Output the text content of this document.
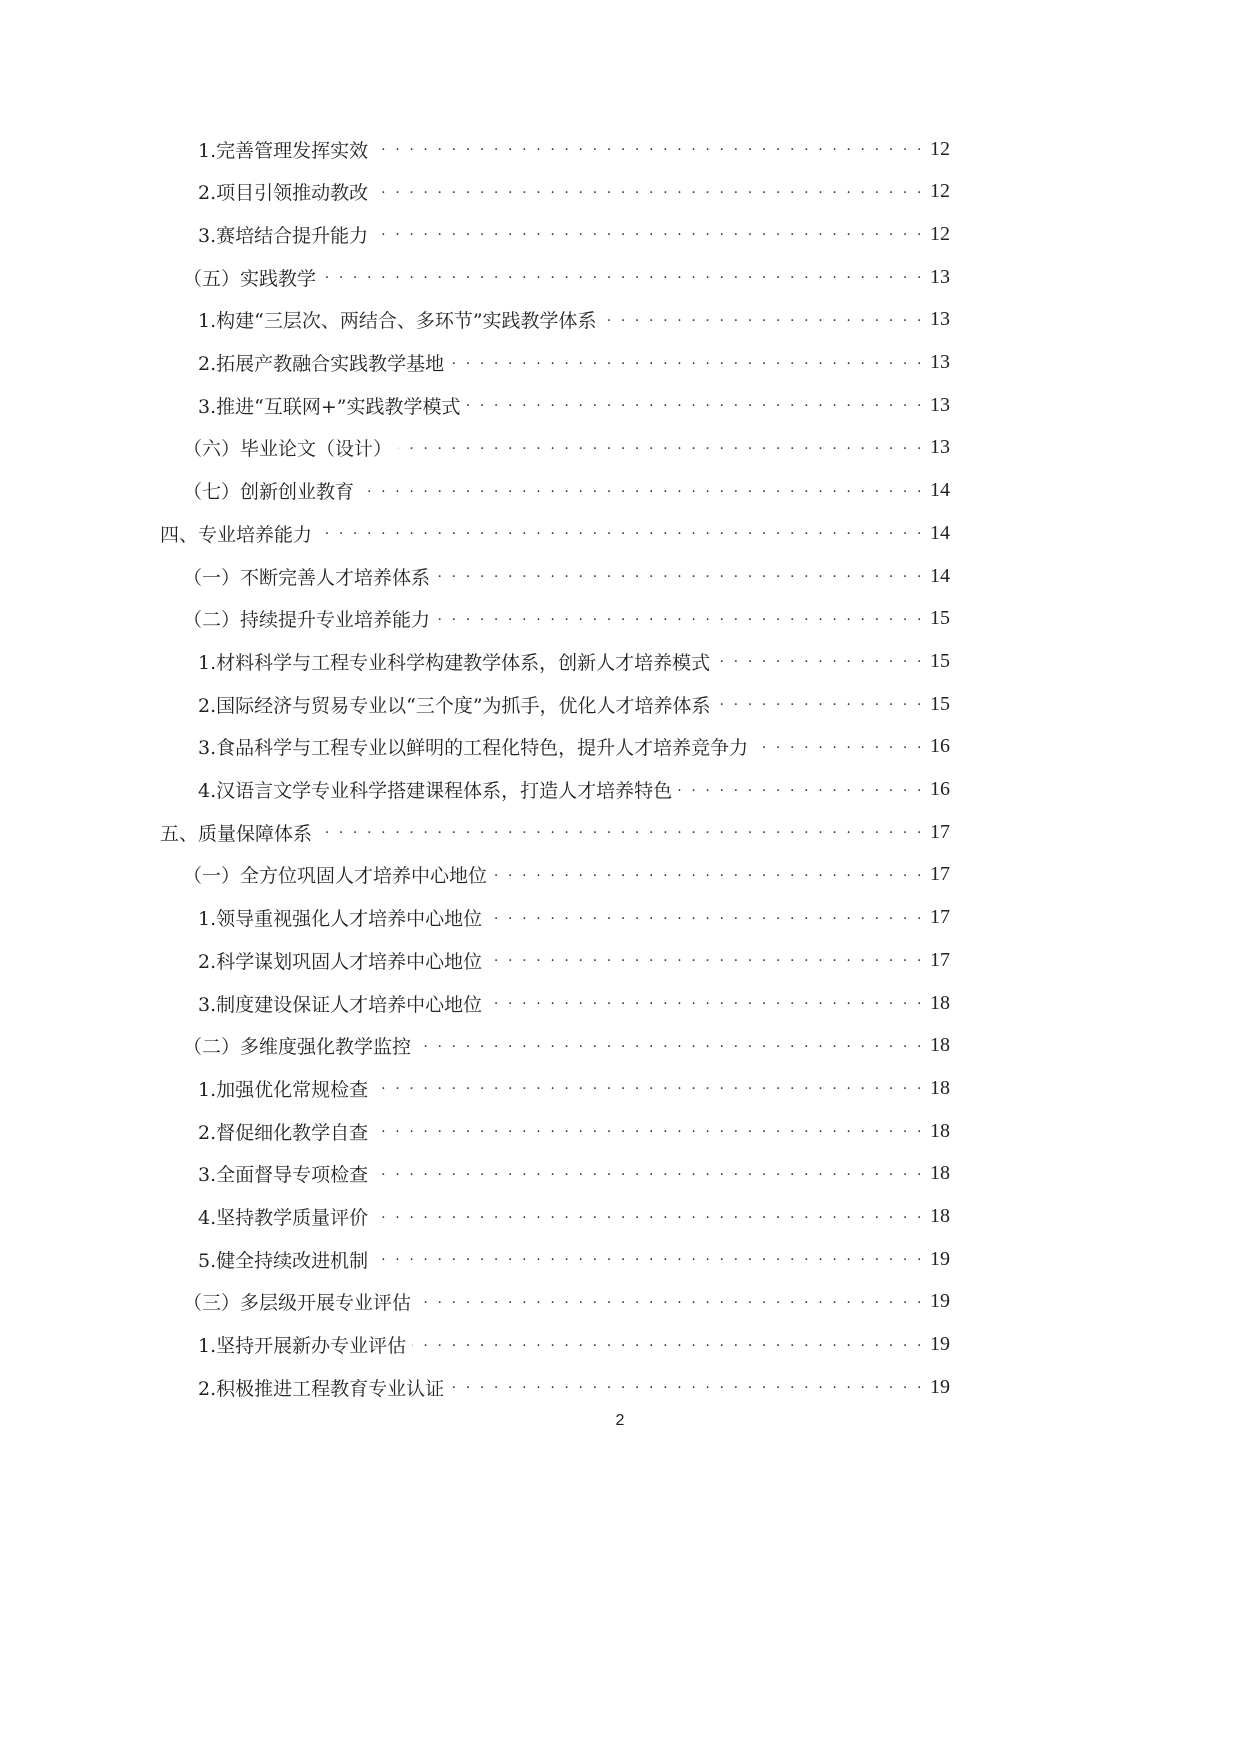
1.完善管理发挥实效 . . .	12
2.项目引领推动教改 . . .	12
3.赛培结合提升能力 . . .	12
（五）实践教学 . . .	13
1.构建“三层次、两结合、多环节”实践教学体系 . . .	13
2.拓展产教融合实践教学基地 . . .	13
3.推进“互联网+”实践教学模式 . . .	13
（六）毕业论文（设计） . . .	13
（七）创新创业教育 . . .	14
四、专业培养能力 . . .	14
（一）不断完善人才培养体系 . . .	14
（二）持续提升专业培养能力 . . .	15
1.材料科学与工程专业科学构建教学体系，创新人才培养模式 . . .	15
2.国际经济与贸易专业以“三个度”为抓手，优化人才培养体系 . . .	15
3.食品科学与工程专业以鲜明的工程化特色，提升人才培养竞争力 . . .	16
4.汉语言文学专业科学搭建课程体系，打造人才培养特色 . . .	16
五、质量保障体系 . . .	17
（一）全方位巩固人才培养中心地位 . . .	17
1.领导重视强化人才培养中心地位 . . .	17
2.科学谋划巩固人才培养中心地位 . . .	17
3.制度建设保证人才培养中心地位 . . .	18
（二）多维度强化教学监控 . . .	18
1.加强优化常规检查 . . .	18
2.督促细化教学自查 . . .	18
3.全面督导专项检查 . . .	18
4.坚持教学质量评价 . . .	18
5.健全持续改进机制 . . .	19
（三）多层级开展专业评估 . . .	19
1.坚持开展新办专业评估 . . .	19
2.积极推进工程教育专业认证 . . .	19
2
